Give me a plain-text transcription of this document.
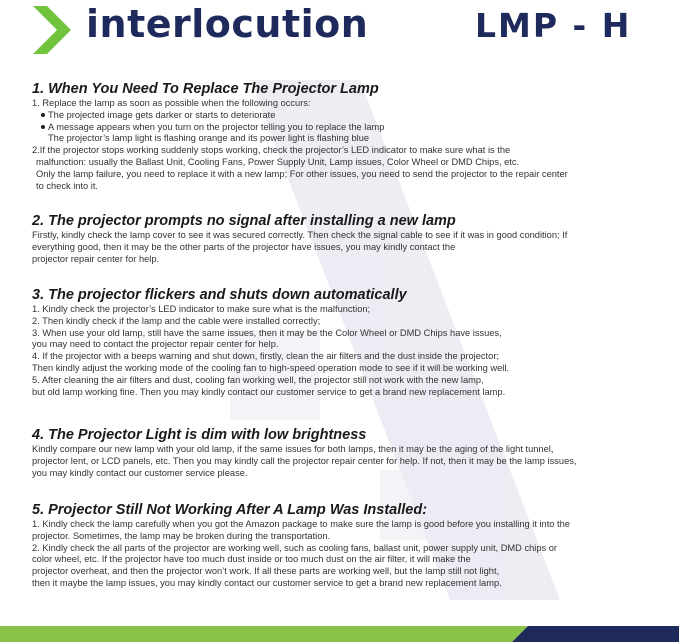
interlocution	LMP - H
1. When You Need To Replace The Projector Lamp
1. Replace the lamp as soon as possible when the following occurs:
The projected image gets darker or starts to deteriorate
A message appears when you turn on the projector telling you to replace the lamp
The projector’s lamp light is flashing orange and its power light is flashing blue
2.If the projector stops working suddenly stops working, check the projector’s LED indicator to make sure what is the
malfunction: usually the Ballast Unit, Cooling Fans, Power Supply Unit, Lamp issues, Color Wheel or DMD Chips, etc.
Only the lamp failure, you need to replace it with a new lamp; For other issues, you need to send the projector to the repair center
to check into it.
2. The projector prompts no signal after installing a new lamp
Firstly, kindly check the lamp cover to see it was secured correctly. Then check the signal cable to see if it was in good condition; If
everything good, then it may be the other parts of the projector have issues, you may kindly contact the
projector repair center for help.
3. The projector flickers and shuts down automatically
1. Kindly check the projector’s LED indicator to make sure what is the malfunction;
2. Then kindly check if the lamp and the cable were installed correctly;
3. When use your old lamp, still have the same issues, then it may be the Color Wheel or DMD Chips have issues,
you may need to contact the projector repair center for help.
4. If the projector with a beeps warning and shut down, firstly, clean the air filters and the dust inside the projector;
Then kindly adjust the working mode of the cooling fan to high-speed operation mode to see if it will be working well.
5. After cleaning the air filters and dust, cooling fan working well, the projector still not work with the new lamp,
but old lamp working fine. Then you may kindly contact our customer service to get a brand new replacement lamp.
4. The Projector Light is dim with low brightness
Kindly compare our new lamp with your old lamp, if the same issues for both lamps, then it may be the aging of the light tunnel,
projector lent, or LCD panels, etc. Then you may kindly call the projector repair center for help. If not, then it may be the lamp issues,
you may kindly contact our customer service please.
5. Projector Still Not Working After A Lamp Was Installed:
1. Kindly check the lamp carefully when you got the Amazon package to make sure the lamp is good before you installing it into the
projector. Sometimes, the lamp may be broken during the transportation.
2. Kindly check the all parts of the projector are working well, such as cooling fans, ballast unit, power supply unit, DMD chips or
color wheel, etc. If the projector have too much dust inside or too much dust on the air filter, it will make the
projector overheat, and then the projector won’t work. If all these parts are working well, but the lamp still not light,
then it maybe the lamp issues, you may kindly contact our customer service to get a brand new replacement lamp.
